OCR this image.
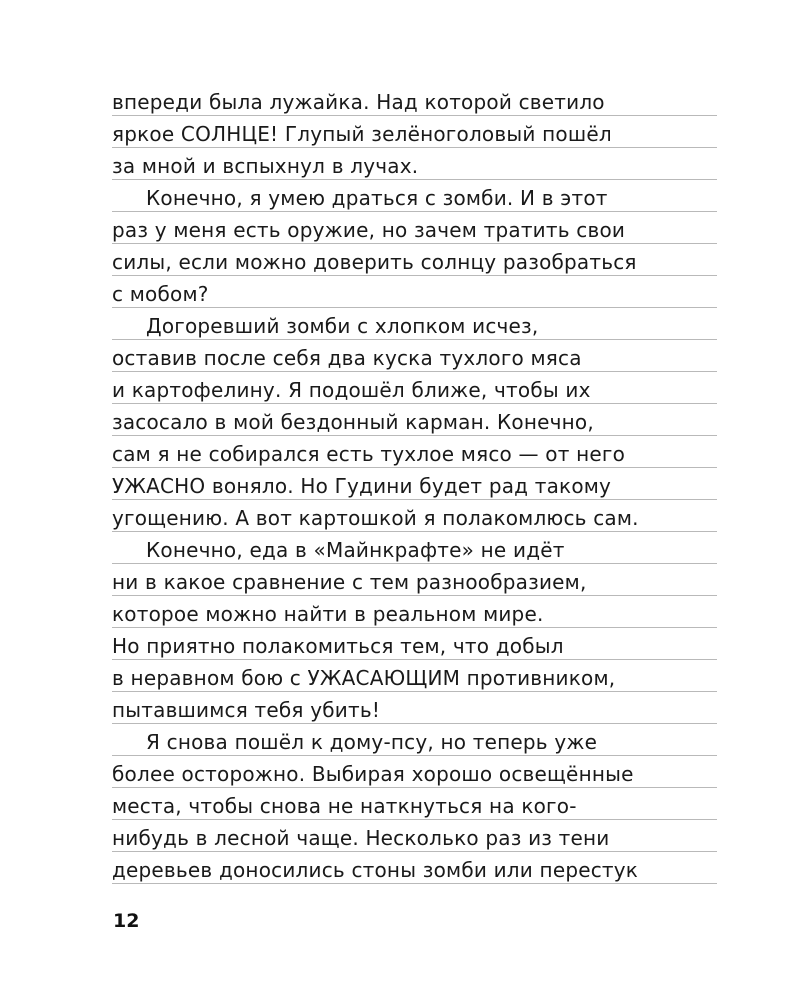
впереди была лужайка. Над которой светило
яркое СОЛНЦЕ! Глупый зелёноголовый пошёл
за мной и вспыхнул в лучах.
Конечно, я умею драться с зомби. И в этот
раз у меня есть оружие, но зачем тратить свои
силы, если можно доверить солнцу разобраться
с мобом?
Догоревший зомби с хлопком исчез,
оставив после себя два куска тухлого мяса
и картофелину. Я подошёл ближе, чтобы их
засосало в мой бездонный карман. Конечно,
сам я не собирался есть тухлое мясо — от него
УЖАСНО воняло. Но Гудини будет рад такому
угощению. А вот картошкой я полакомлюсь сам.
Конечно, еда в «Майнкрафте» не идёт
ни в какое сравнение с тем разнообразием,
которое можно найти в реальном мире.
Но приятно полакомиться тем, что добыл
в неравном бою с УЖАСАЮЩИМ противником,
пытавшимся тебя убить!
Я снова пошёл к дому-псу, но теперь уже
более осторожно. Выбирая хорошо освещённые
места, чтобы снова не наткнуться на кого-
нибудь в лесной чаще. Несколько раз из тени
деревьев доносились стоны зомби или перестук
12
